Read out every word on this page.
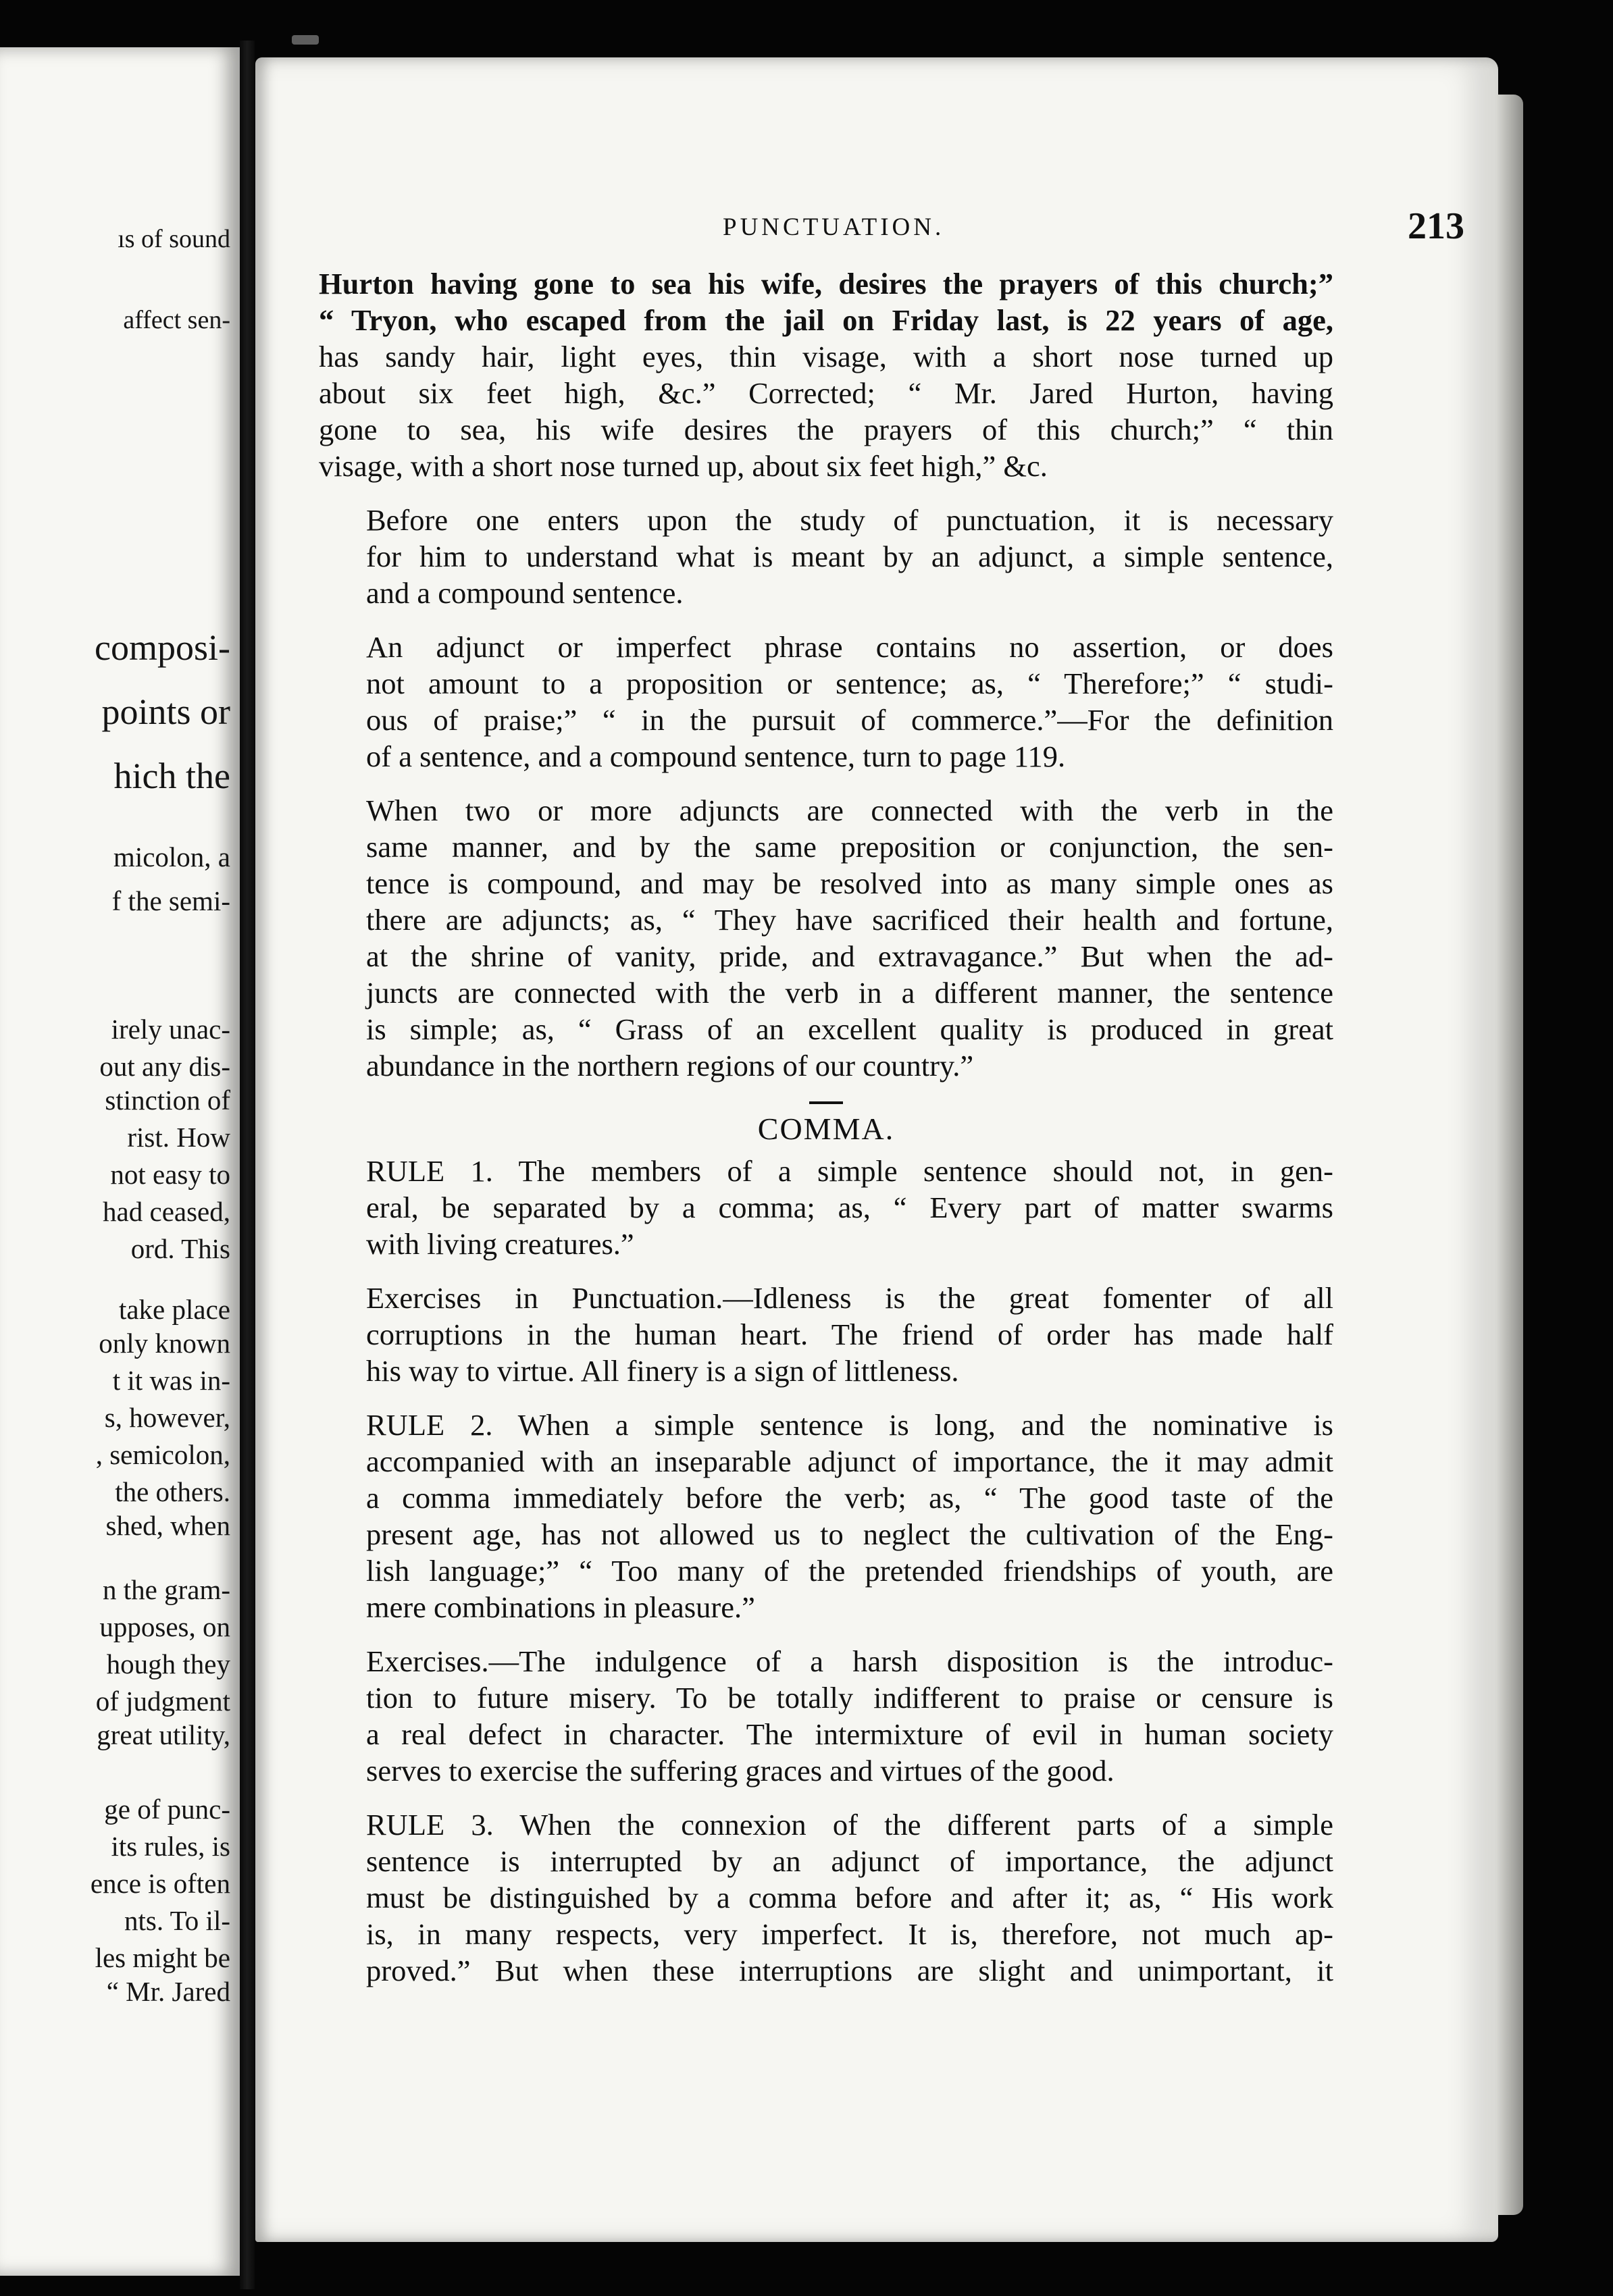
ıs of sound
affect sen-
composi-
points or
hich the
micolon, a
f the semi-
irely unac-
out any dis-
stinction of
rist. How
not easy to
had ceased,
ord. This
take place
only known
t it was in-
s, however,
, semicolon,
the others.
shed, when
n the gram-
upposes, on
hough they
of judgment
great utility,
ge of punc-
its rules, is
ence is often
nts. To il-
les might be
“ Mr. Jared
PUNCTUATION.	213

Hurton having gone to sea his wife, desires the prayers of this church;”
“ Tryon, who escaped from the jail on Friday last, is 22 years of age,
has sandy hair, light eyes, thin visage, with a short nose turned up
about six feet high, &c.” Corrected; “ Mr. Jared Hurton, having
gone to sea, his wife desires the prayers of this church;” “ thin
visage, with a short nose turned up, about six feet high,” &c.

Before one enters upon the study of punctuation, it is necessary
for him to understand what is meant by an adjunct, a simple sentence,
and a compound sentence.

An adjunct or imperfect phrase contains no assertion, or does
not amount to a proposition or sentence; as, “ Therefore;” “ studi-
ous of praise;” “ in the pursuit of commerce.”—For the definition
of a sentence, and a compound sentence, turn to page 119.

When two or more adjuncts are connected with the verb in the
same manner, and by the same preposition or conjunction, the sen-
tence is compound, and may be resolved into as many simple ones as
there are adjuncts; as, “ They have sacrificed their health and fortune,
at the shrine of vanity, pride, and extravagance.” But when the ad-
juncts are connected with the verb in a different manner, the sentence
is simple; as, “ Grass of an excellent quality is produced in great
abundance in the northern regions of our country.”

COMMA.

RULE 1. The members of a simple sentence should not, in gen-
eral, be separated by a comma; as, “ Every part of matter swarms
with living creatures.”

Exercises in Punctuation.—Idleness is the great fomenter of all
corruptions in the human heart. The friend of order has made half
his way to virtue. All finery is a sign of littleness.

RULE 2. When a simple sentence is long, and the nominative is
accompanied with an inseparable adjunct of importance, the it may admit
a comma immediately before the verb; as, “ The good taste of the
present age, has not allowed us to neglect the cultivation of the Eng-
lish language;” “ Too many of the pretended friendships of youth, are
mere combinations in pleasure.”

Exercises.—The indulgence of a harsh disposition is the introduc-
tion to future misery. To be totally indifferent to praise or censure is
a real defect in character. The intermixture of evil in human society
serves to exercise the suffering graces and virtues of the good.

RULE 3. When the connexion of the different parts of a simple
sentence is interrupted by an adjunct of importance, the adjunct
must be distinguished by a comma before and after it; as, “ His work
is, in many respects, very imperfect. It is, therefore, not much ap-
proved.” But when these interruptions are slight and unimportant, it
